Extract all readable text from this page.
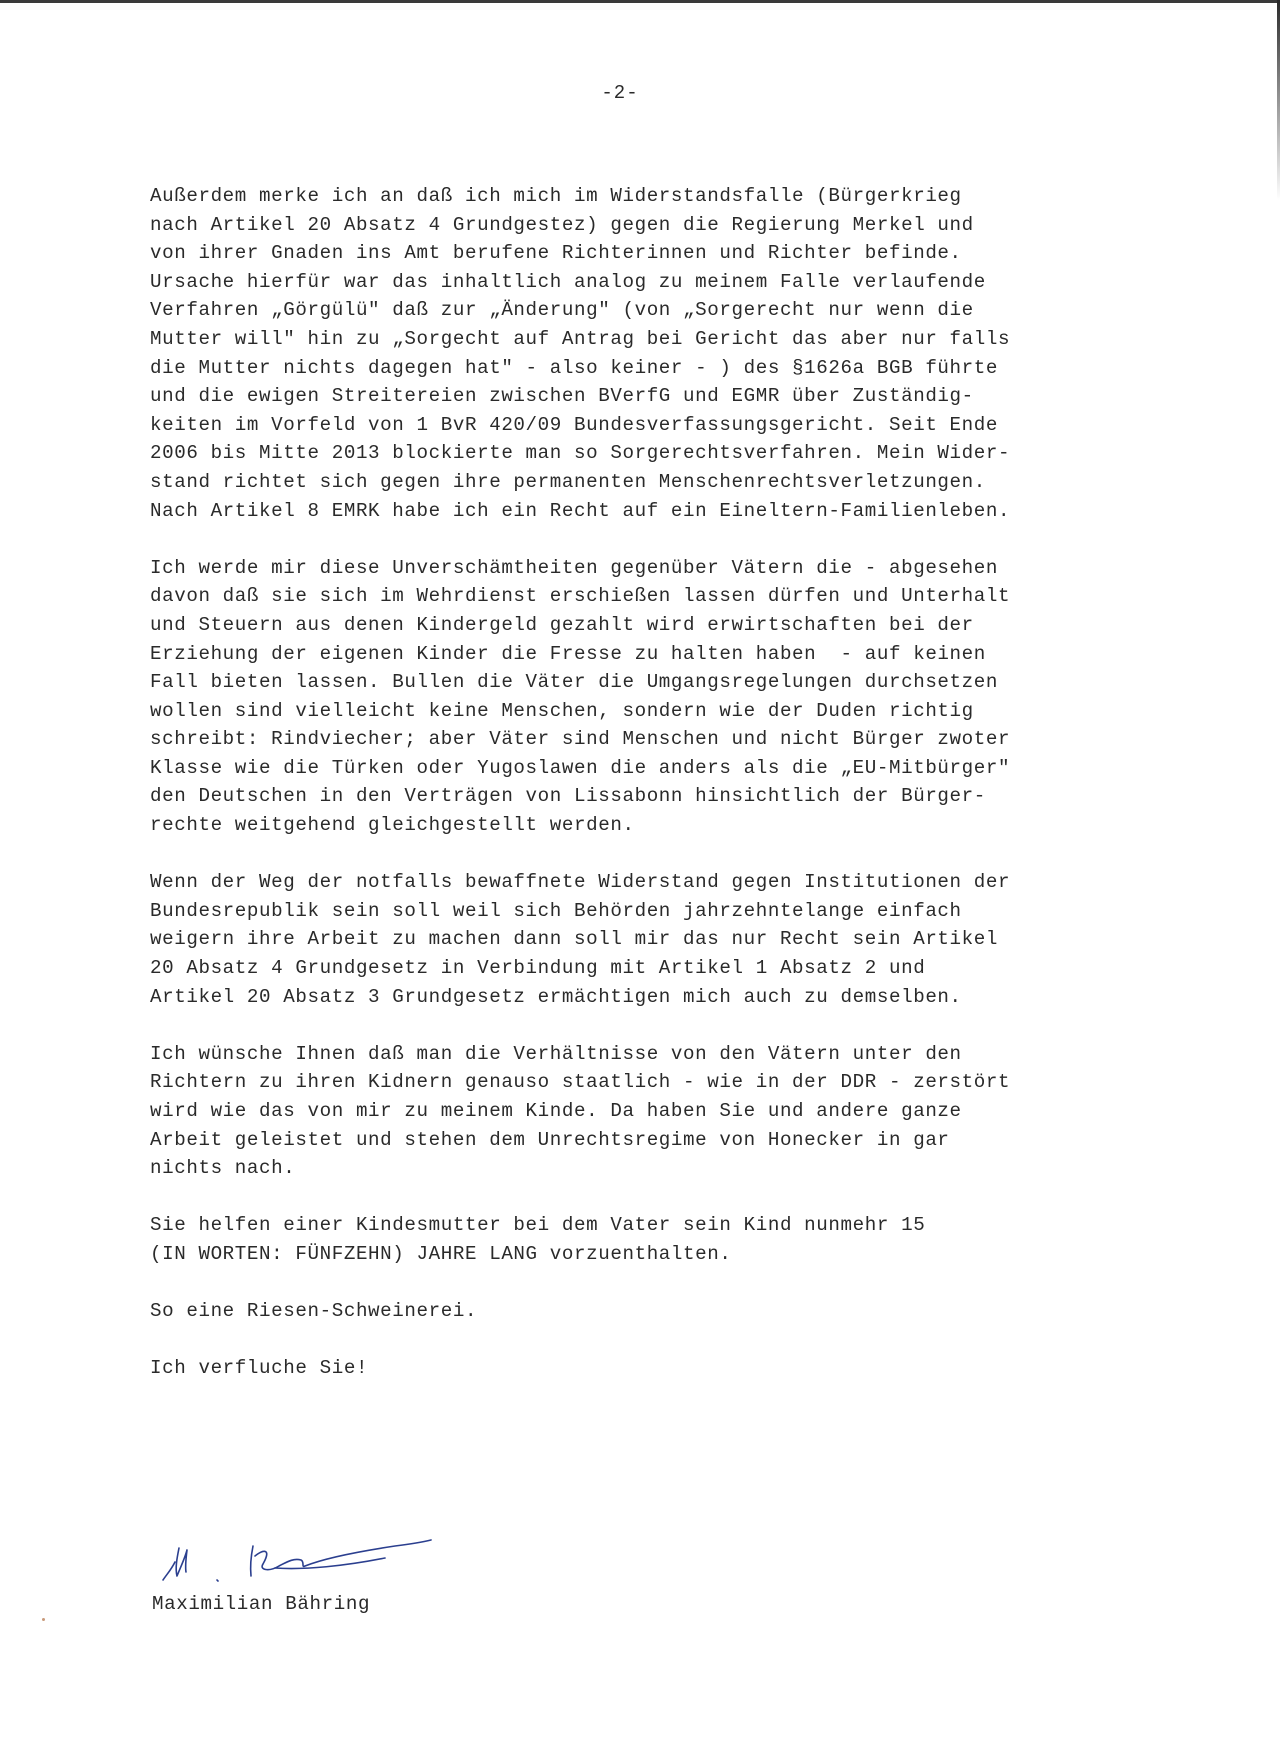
-2-
Außerdem merke ich an daß ich mich im Widerstandsfalle (Bürgerkrieg
nach Artikel 20 Absatz 4 Grundgestez) gegen die Regierung Merkel und
von ihrer Gnaden ins Amt berufene Richterinnen und Richter befinde.
Ursache hierfür war das inhaltlich analog zu meinem Falle verlaufende
Verfahren „Görgülü" daß zur „Änderung" (von „Sorgerecht nur wenn die
Mutter will" hin zu „Sorgecht auf Antrag bei Gericht das aber nur falls
die Mutter nichts dagegen hat" - also keiner - ) des §1626a BGB führte
und die ewigen Streitereien zwischen BVerfG und EGMR über Zuständig-
keiten im Vorfeld von 1 BvR 420/09 Bundesverfassungsgericht. Seit Ende
2006 bis Mitte 2013 blockierte man so Sorgerechtsverfahren. Mein Wider-
stand richtet sich gegen ihre permanenten Menschenrechtsverletzungen.
Nach Artikel 8 EMRK habe ich ein Recht auf ein Eineltern-Familienleben.
Ich werde mir diese Unverschämtheiten gegenüber Vätern die - abgesehen
davon daß sie sich im Wehrdienst erschießen lassen dürfen und Unterhalt
und Steuern aus denen Kindergeld gezahlt wird erwirtschaften bei der
Erziehung der eigenen Kinder die Fresse zu halten haben  - auf keinen
Fall bieten lassen. Bullen die Väter die Umgangsregelungen durchsetzen
wollen sind vielleicht keine Menschen, sondern wie der Duden richtig
schreibt: Rindviecher; aber Väter sind Menschen und nicht Bürger zwoter
Klasse wie die Türken oder Yugoslawen die anders als die „EU-Mitbürger"
den Deutschen in den Verträgen von Lissabonn hinsichtlich der Bürger-
rechte weitgehend gleichgestellt werden.
Wenn der Weg der notfalls bewaffnete Widerstand gegen Institutionen der
Bundesrepublik sein soll weil sich Behörden jahrzehntelange einfach
weigern ihre Arbeit zu machen dann soll mir das nur Recht sein Artikel
20 Absatz 4 Grundgesetz in Verbindung mit Artikel 1 Absatz 2 und
Artikel 20 Absatz 3 Grundgesetz ermächtigen mich auch zu demselben.
Ich wünsche Ihnen daß man die Verhältnisse von den Vätern unter den
Richtern zu ihren Kidnern genauso staatlich - wie in der DDR - zerstört
wird wie das von mir zu meinem Kinde. Da haben Sie und andere ganze
Arbeit geleistet und stehen dem Unrechtsregime von Honecker in gar
nichts nach.
Sie helfen einer Kindesmutter bei dem Vater sein Kind nunmehr 15
(IN WORTEN: FÜNFZEHN) JAHRE LANG vorzuenthalten.
So eine Riesen-Schweinerei.
Ich verfluche Sie!
Maximilian Bähring
